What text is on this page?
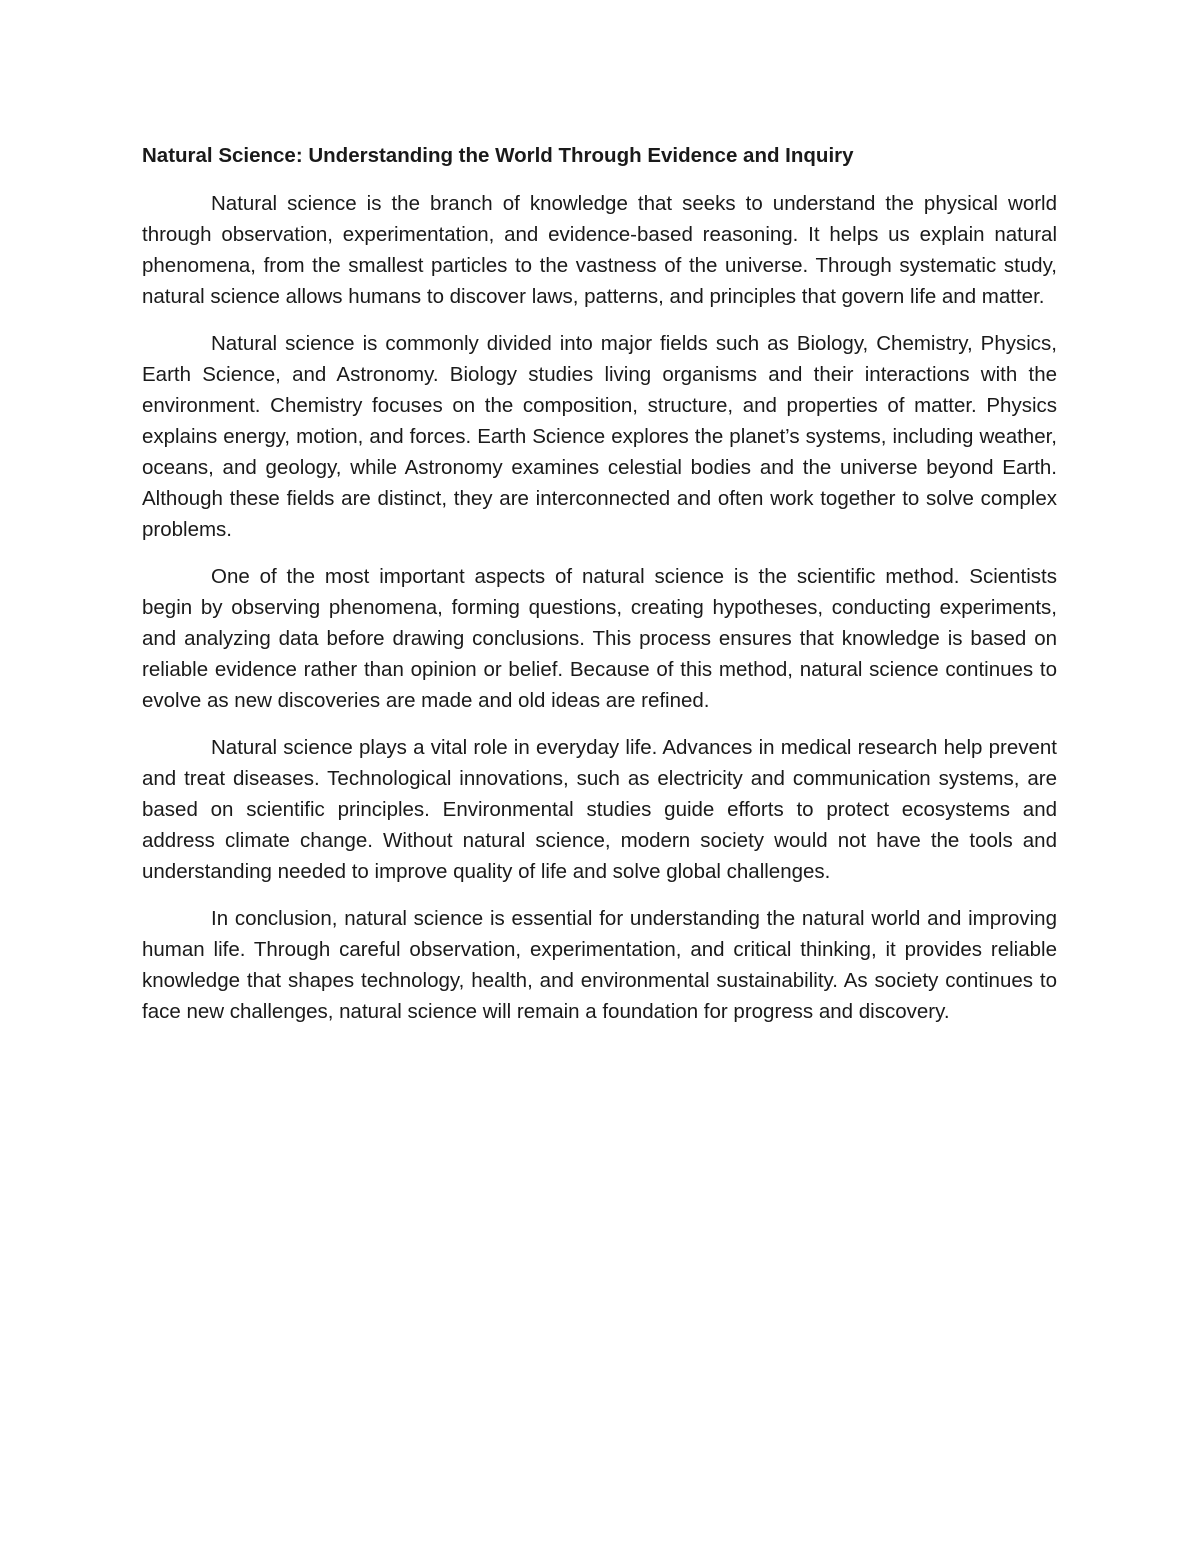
Natural Science: Understanding the World Through Evidence and Inquiry

Natural science is the branch of knowledge that seeks to understand the physical world through observation, experimentation, and evidence-based reasoning. It helps us explain natural phenomena, from the smallest particles to the vastness of the universe. Through systematic study, natural science allows humans to discover laws, patterns, and principles that govern life and matter.

Natural science is commonly divided into major fields such as Biology, Chemistry, Physics, Earth Science, and Astronomy. Biology studies living organisms and their interactions with the environment. Chemistry focuses on the composition, structure, and properties of matter. Physics explains energy, motion, and forces. Earth Science explores the planet’s systems, including weather, oceans, and geology, while Astronomy examines celestial bodies and the universe beyond Earth. Although these fields are distinct, they are interconnected and often work together to solve complex problems.

One of the most important aspects of natural science is the scientific method. Scientists begin by observing phenomena, forming questions, creating hypotheses, conducting experiments, and analyzing data before drawing conclusions. This process ensures that knowledge is based on reliable evidence rather than opinion or belief. Because of this method, natural science continues to evolve as new discoveries are made and old ideas are refined.

Natural science plays a vital role in everyday life. Advances in medical research help prevent and treat diseases. Technological innovations, such as electricity and communication systems, are based on scientific principles. Environmental studies guide efforts to protect ecosystems and address climate change. Without natural science, modern society would not have the tools and understanding needed to improve quality of life and solve global challenges.

In conclusion, natural science is essential for understanding the natural world and improving human life. Through careful observation, experimentation, and critical thinking, it provides reliable knowledge that shapes technology, health, and environmental sustainability. As society continues to face new challenges, natural science will remain a foundation for progress and discovery.
